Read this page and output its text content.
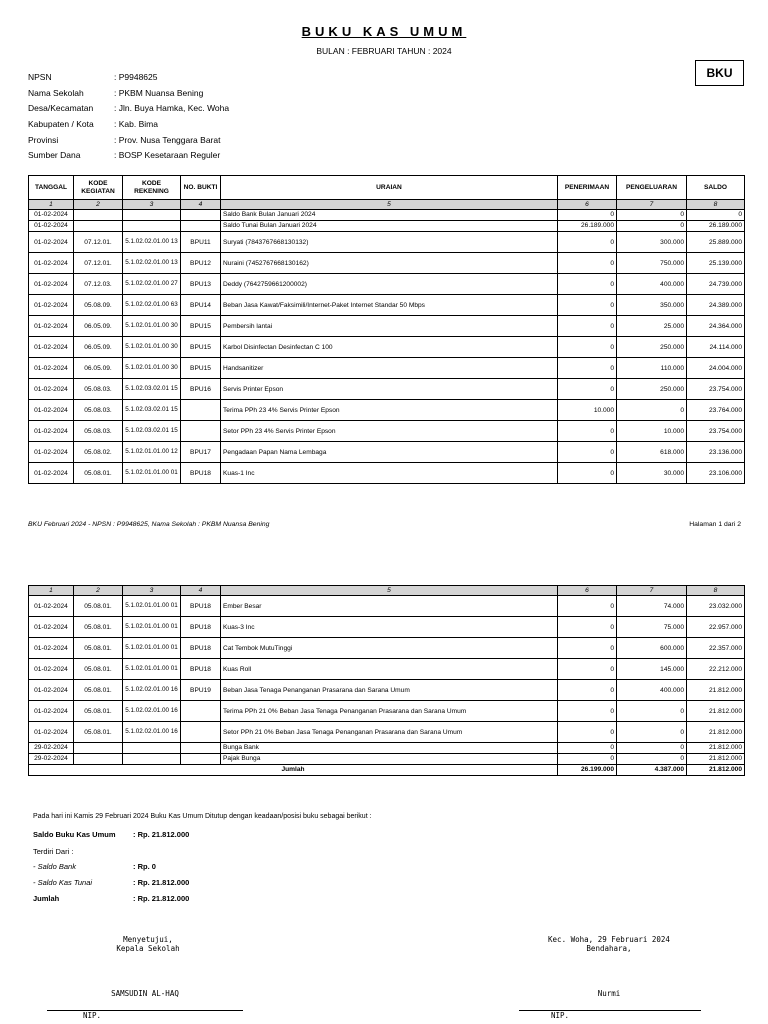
BUKU KAS UMUM
BULAN : FEBRUARI TAHUN : 2024
BKU
NPSN	: P9948625
Nama Sekolah	: PKBM Nuansa Bening
Desa/Kecamatan : Jln. Buya Hamka, Kec. Woha
Kabupaten / Kota : Kab. Bima
Provinsi	: Prov. Nusa Tenggara Barat
Sumber Dana	: BOSP Kesetaraan Reguler
TANGGAL	KODE KEGIATAN	KODE REKENING	NO. BUKTI	URAIAN	PENERIMAAN	PENGELUARAN	SALDO
1	2	3	4	5	6	7	8
01-02-2024				Saldo Bank Bulan Januari 2024	0	0	0
01-02-2024				Saldo Tunai Bulan Januari 2024	26.189.000	0	26.189.000
01-02-2024	07.12.01.	5.1.02.02.01.00 13	BPU11	Suryati (7843767668130132)	0	300.000	25.889.000
01-02-2024	07.12.01.	5.1.02.02.01.00 13	BPU12	Nuraini (7452767668130162)	0	750.000	25.139.000
01-02-2024	07.12.03.	5.1.02.02.01.00 27	BPU13	Deddy (7642759661200002)	0	400.000	24.739.000
01-02-2024	05.08.09.	5.1.02.02.01.00 63	BPU14	Beban Jasa Kawat/Faksimili/Internet-Paket Internet Standar 50 Mbps	0	350.000	24.389.000
01-02-2024	06.05.09.	5.1.02.01.01.00 30	BPU15	Pembersih lantai	0	25.000	24.364.000
01-02-2024	06.05.09.	5.1.02.01.01.00 30	BPU15	Karbol Disinfectan Desinfectan C 100	0	250.000	24.114.000
01-02-2024	06.05.09.	5.1.02.01.01.00 30	BPU15	Handsanitizer	0	110.000	24.004.000
01-02-2024	05.08.03.	5.1.02.03.02.01 15	BPU16	Servis Printer Epson	0	250.000	23.754.000
01-02-2024	05.08.03.	5.1.02.03.02.01 15		Terima PPh 23 4% Servis Printer Epson	10.000	0	23.764.000
01-02-2024	05.08.03.	5.1.02.03.02.01 15		Setor PPh 23 4% Servis Printer Epson	0	10.000	23.754.000
01-02-2024	05.08.02.	5.1.02.01.01.00 12	BPU17	Pengadaan Papan Nama Lembaga	0	618.000	23.136.000
01-02-2024	05.08.01.	5.1.02.01.01.00 01	BPU18	Kuas-1 Inc	0	30.000	23.106.000
BKU Februari 2024 - NPSN : P9948625, Nama Sekolah : PKBM Nuansa Bening	Halaman 1 dari 2
1	2	3	4	5	6	7	8
01-02-2024	05.08.01.	5.1.02.01.01.00 01	BPU18	Ember Besar	0	74.000	23.032.000
01-02-2024	05.08.01.	5.1.02.01.01.00 01	BPU18	Kuas-3 Inc	0	75.000	22.957.000
01-02-2024	05.08.01.	5.1.02.01.01.00 01	BPU18	Cat Tembok MutuTinggi	0	600.000	22.357.000
01-02-2024	05.08.01.	5.1.02.01.01.00 01	BPU18	Kuas Roll	0	145.000	22.212.000
01-02-2024	05.08.01.	5.1.02.02.01.00 16	BPU19	Beban Jasa Tenaga Penanganan Prasarana dan Sarana Umum	0	400.000	21.812.000
01-02-2024	05.08.01.	5.1.02.02.01.00 16		Terima PPh 21 0% Beban Jasa Tenaga Penanganan Prasarana dan Sarana Umum	0	0	21.812.000
01-02-2024	05.08.01.	5.1.02.02.01.00 16		Setor PPh 21 0% Beban Jasa Tenaga Penanganan Prasarana dan Sarana Umum	0	0	21.812.000
29-02-2024				Bunga Bank	0	0	21.812.000
29-02-2024				Pajak Bunga	0	0	21.812.000
Jumlah					26.199.000	4.387.000	21.812.000
Pada hari ini Kamis 29 Februari 2024 Buku Kas Umum Ditutup dengan keadaan/posisi buku sebagai berikut :
Saldo Buku Kas Umum : Rp. 21.812.000
Terdiri Dari :
- Saldo Bank	: Rp. 0
- Saldo Kas Tunai	: Rp. 21.812.000
Jumlah	: Rp. 21.812.000
Menyetujui,
Kepala Sekolah
SAMSUDIN AL-HAQ
NIP.
Kec. Woha, 29 Februari 2024
Bendahara,
Nurmi
NIP.
